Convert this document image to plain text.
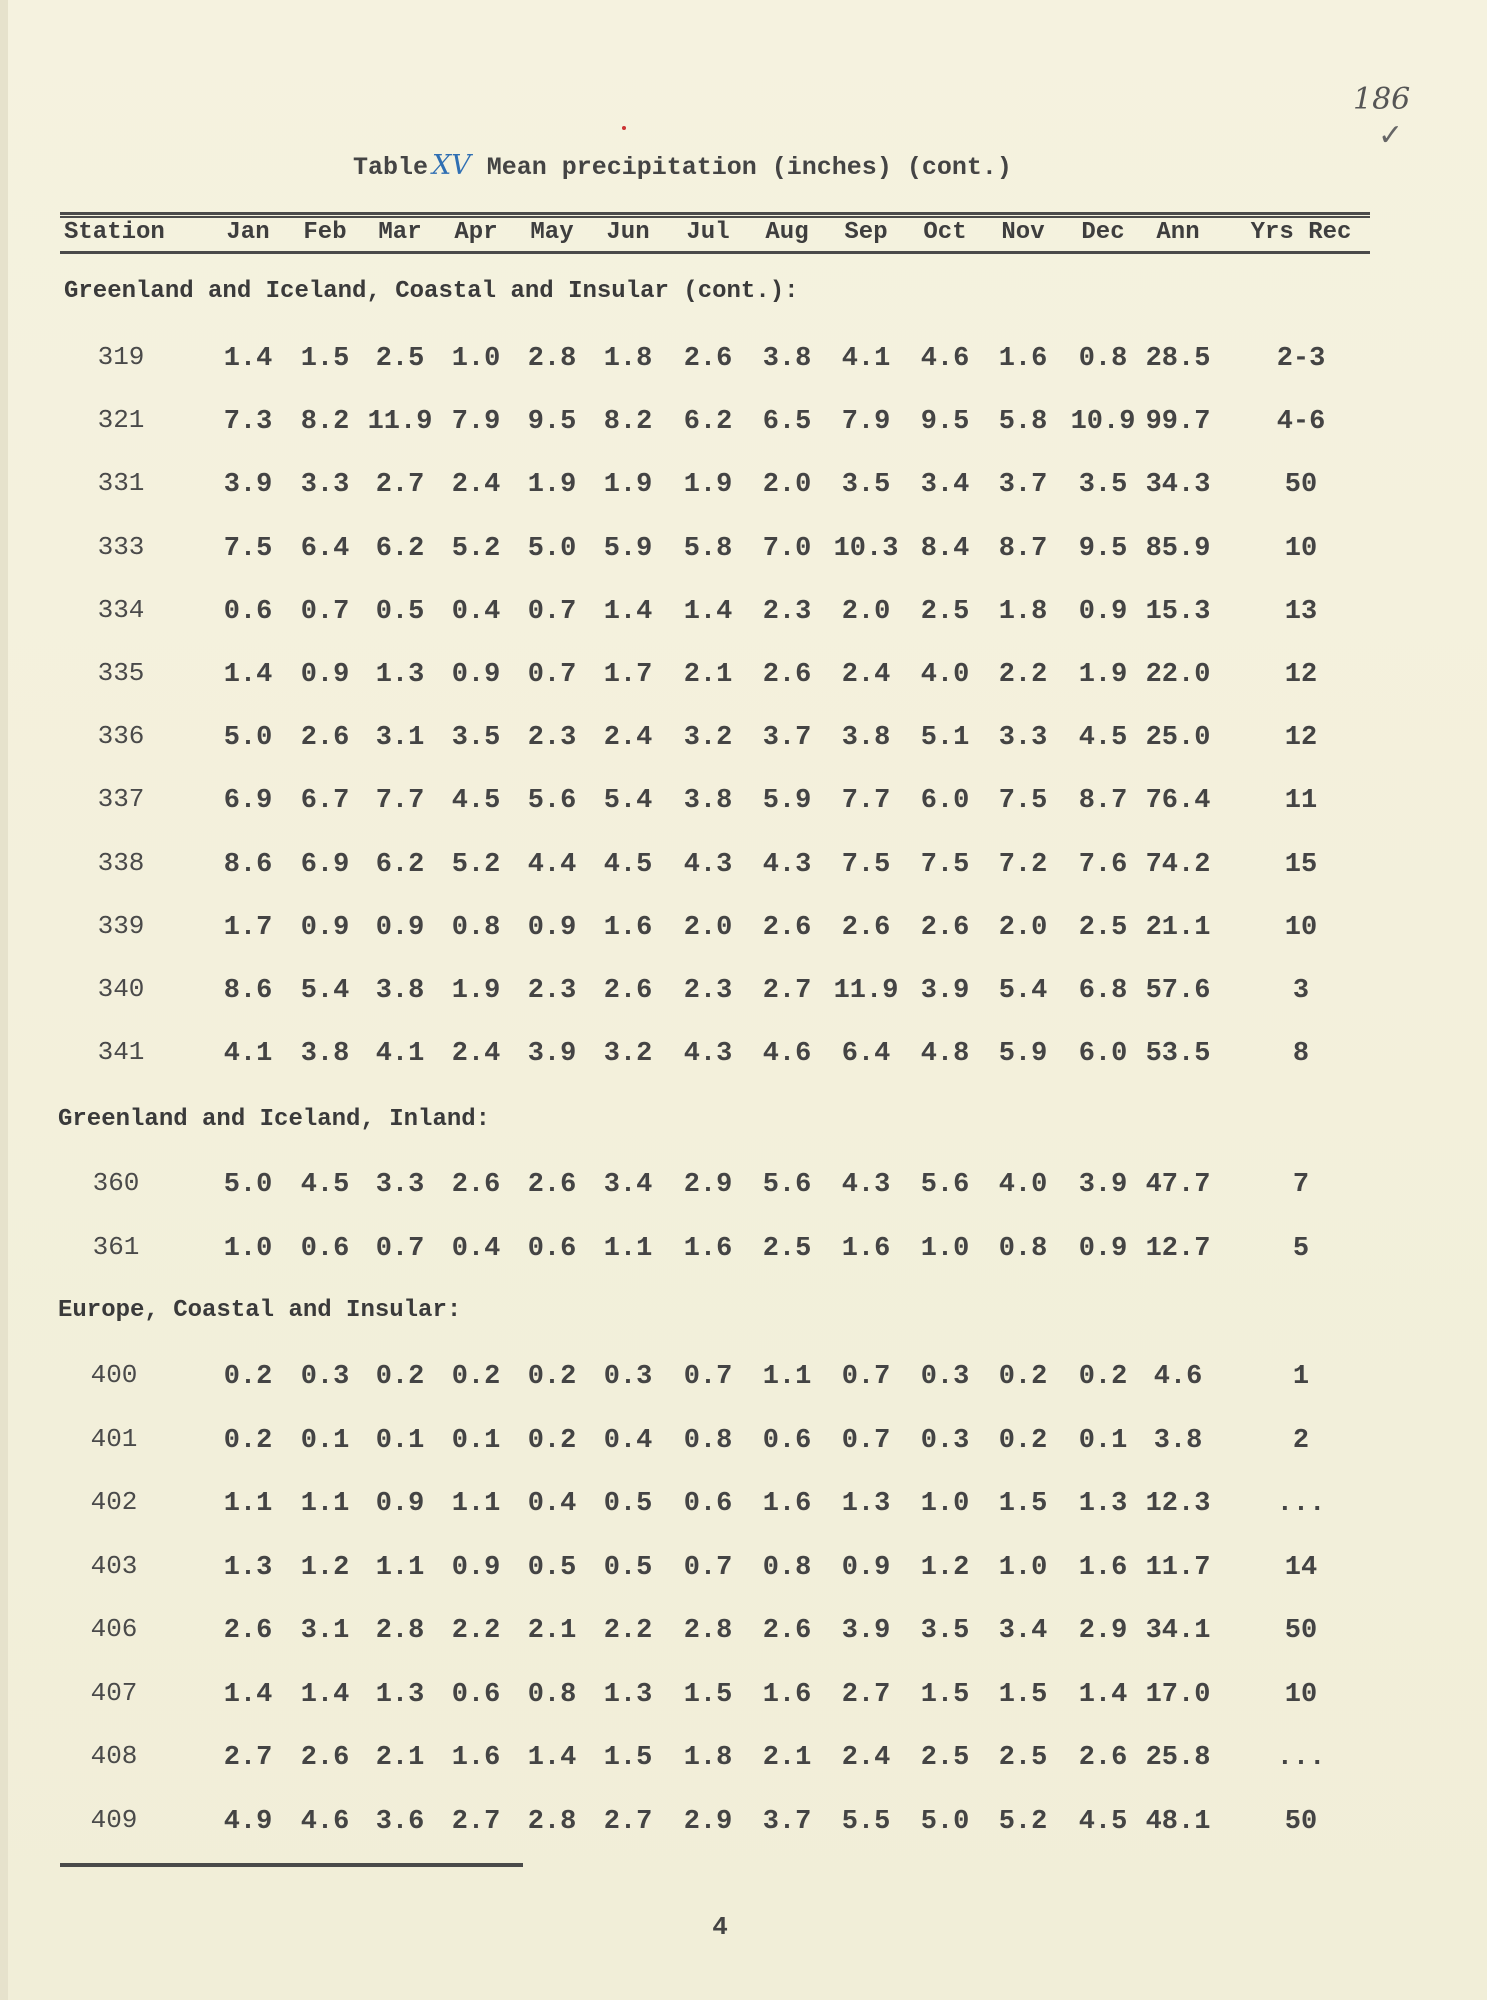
186
✓
Table XV Mean precipitation (inches) (cont.)
Station	Jan Feb Mar Apr May Jun Jul Aug Sep Oct Nov Dec Ann Yrs Rec
Greenland and Iceland, Coastal and Insular (cont.):
319	1.4 1.5 2.5 1.0 2.8 1.8 2.6 3.8 4.1 4.6 1.6 0.8 28.5 2-3
321	7.3 8.2 11.9 7.9 9.5 8.2 6.2 6.5 7.9 9.5 5.8 10.9 99.7 4-6
331	3.9 3.3 2.7 2.4 1.9 1.9 1.9 2.0 3.5 3.4 3.7 3.5 34.3	50
333	7.5 6.4 6.2 5.2 5.0 5.9 5.8 7.0 10.3 8.4 8.7 9.5 85.9	10
334	0.6 0.7 0.5 0.4 0.7 1.4 1.4 2.3 2.0 2.5 1.8 0.9 15.3	13
335	1.4 0.9 1.3 0.9 0.7 1.7 2.1 2.6 2.4 4.0 2.2 1.9 22.0	12
336	5.0 2.6 3.1 3.5 2.3 2.4 3.2 3.7 3.8 5.1 3.3 4.5 25.0	12
337	6.9 6.7 7.7 4.5 5.6 5.4 3.8 5.9 7.7 6.0 7.5 8.7 76.4	11
338	8.6 6.9 6.2 5.2 4.4 4.5 4.3 4.3 7.5 7.5 7.2 7.6 74.2	15
339	1.7 0.9 0.9 0.8 0.9 1.6 2.0 2.6 2.6 2.6 2.0 2.5 21.1	10
340	8.6 5.4 3.8 1.9 2.3 2.6 2.3 2.7 11.9 3.9 5.4 6.8 57.6	3
341	4.1 3.8 4.1 2.4 3.9 3.2 4.3 4.6 6.4 4.8 5.9 6.0 53.5	8
Greenland and Iceland, Inland:
360	5.0 4.5 3.3 2.6 2.6 3.4 2.9 5.6 4.3 5.6 4.0 3.9 47.7	7
361	1.0 0.6 0.7 0.4 0.6 1.1 1.6 2.5 1.6 1.0 0.8 0.9 12.7	5
Europe, Coastal and Insular:
400	0.2 0.3 0.2 0.2 0.2 0.3 0.7 1.1 0.7 0.3 0.2 0.2 4.6	1
401	0.2 0.1 0.1 0.1 0.2 0.4 0.8 0.6 0.7 0.3 0.2 0.1 3.8	2
402	1.1 1.1 0.9 1.1 0.4 0.5 0.6 1.6 1.3 1.0 1.5 1.3 12.3 ...
403	1.3 1.2 1.1 0.9 0.5 0.5 0.7 0.8 0.9 1.2 1.0 1.6 11.7	14
406	2.6 3.1 2.8 2.2 2.1 2.2 2.8 2.6 3.9 3.5 3.4 2.9 34.1	50
407	1.4 1.4 1.3 0.6 0.8 1.3 1.5 1.6 2.7 1.5 1.5 1.4 17.0	10
408	2.7 2.6 2.1 1.6 1.4 1.5 1.8 2.1 2.4 2.5 2.5 2.6 25.8 ...
409	4.9 4.6 3.6 2.7 2.8 2.7 2.9 3.7 5.5 5.0 5.2 4.5 48.1	50
4
